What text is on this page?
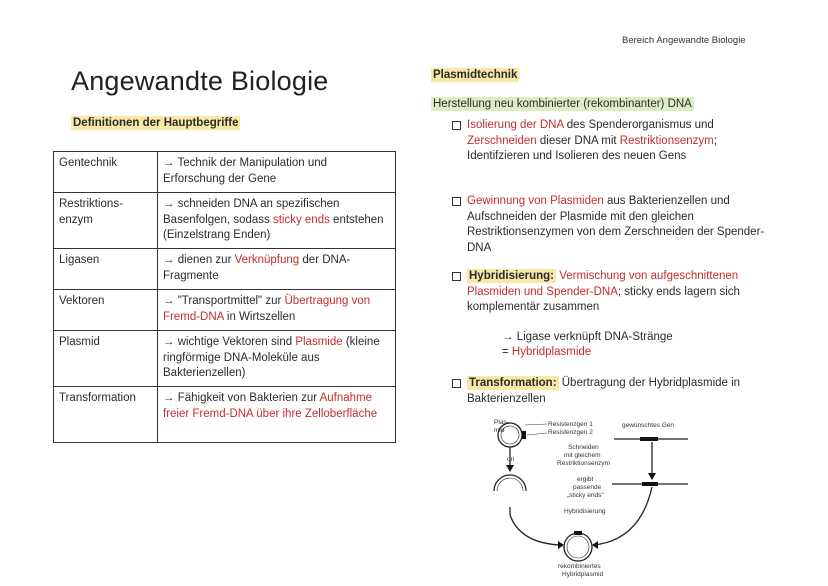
Bereich Angewandte Biologie
Angewandte Biologie
Definitionen der Hauptbegriffe
Gentechnik	→ Technik der Manipulation und Erforschung der Gene
Restriktions-
enzym	→ schneiden DNA an spezifischen Basenfolgen, sodass sticky ends entstehen (Einzelstrang Enden)
Ligasen	→ dienen zur Verknüpfung der DNA-Fragmente
Vektoren	→ "Transportmittel" zur Übertragung von Fremd-DNA in Wirtszellen
Plasmid	→ wichtige Vektoren sind Plasmide (kleine ringförmige DNA-Moleküle aus Bakterienzellen)
Transformation	→ Fähigkeit von Bakterien zur Aufnahme freier Fremd-DNA über ihre Zelloberfläche
Plasmidtechnik
Herstellung neu kombinierter (rekombinanter) DNA
Isolierung der DNA des Spenderorganismus und Zerschneiden dieser DNA mit Restriktionsenzym; Identifzieren und Isolieren des neuen Gens
Gewinnung von Plasmiden aus Bakterienzellen und Aufschneiden der Plasmide mit den gleichen Restriktionsenzymen von dem Zerschneiden der Spender-DNA
Hybridisierung: Vermischung von aufgeschnittenen Plasmiden und Spender-DNA; sticky ends lagern sich komplementär zusammen
→ Ligase verknüpft DNA-Stränge
= Hybridplasmide
Transformation: Übertragung der Hybridplasmide in Bakterienzellen
Plas-
mid
Resistenzgen 1
Resistenzgen 2
gewünschtes Gen
ori
Schneiden
mit gleichem
Restriktionsenzym
ergibt
passende
„sticky ends"
Hybridisierung
rekombiniertes
Hybridplasmid
